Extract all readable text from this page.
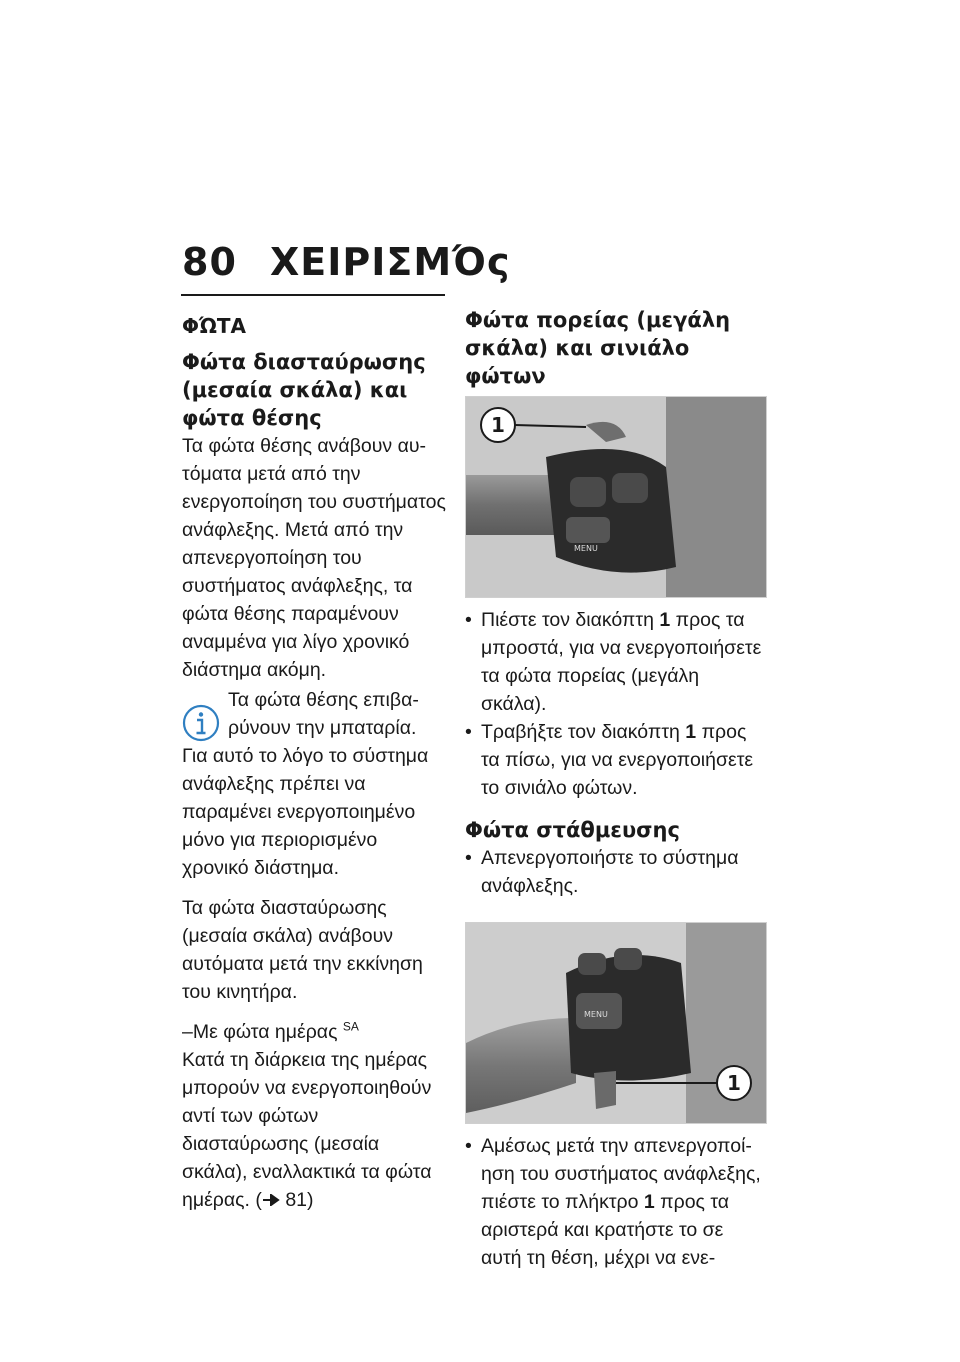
80 ΧΕΙΡΙΣΜΌς
ΦΏΤΑ
Φώτα διασταύρωσης (μεσαία σκάλα) και φώτα θέσης

Τα φώτα θέσης ανάβουν αυτόματα μετά από την ενεργοποίηση του συστήματος ανάφλεξης. Μετά από την απενεργοποίηση του συστήματος ανάφλεξης, τα φώτα θέσης παραμένουν αναμμένα για λίγο χρονικό διάστημα ακόμη.

Τα φώτα θέσης επιβαρύνουν την μπαταρία.

Για αυτό το λόγο το σύστημα ανάφλεξης πρέπει να παραμένει ενεργοποιημένο μόνο για περιορισμένο χρονικό διάστημα.

Τα φώτα διασταύρωσης (μεσαία σκάλα) ανάβουν αυτόματα μετά την εκκίνηση του κινητήρα.

–Με φώτα ημέρας $^{SA}$

Κατά τη διάρκεια της ημέρας μπορούν να ενεργοποιηθούν αντί των φώτων διασταύρωσης (μεσαία σκάλα), εναλλακτικά τα φώτα ημέρας. ( 81)

Φώτα πορείας (μεγάλη σκάλα) και σινιάλο φώτων
MENU
1

• Πιέστε τον διακόπτη 1 προς τα μπροστά, για να ενεργοποιήσετε τα φώτα πορείας (μεγάλη σκάλα).

• Τραβήξτε τον διακόπτη 1 προς τα πίσω, για να ενεργοποιήσετε το σινιάλο φώτων.

Φώτα στάθμευσης

• Απενεργοποιήστε το σύστημα ανάφλεξης.

MENU
1

• Αμέσως μετά την απενεργοποίηση του συστήματος ανάφλεξης, πιέστε το πλήκτρο 1 προς τα αριστερά και κρατήστε το σε αυτή τη θέση, μέχρι να ενε-
